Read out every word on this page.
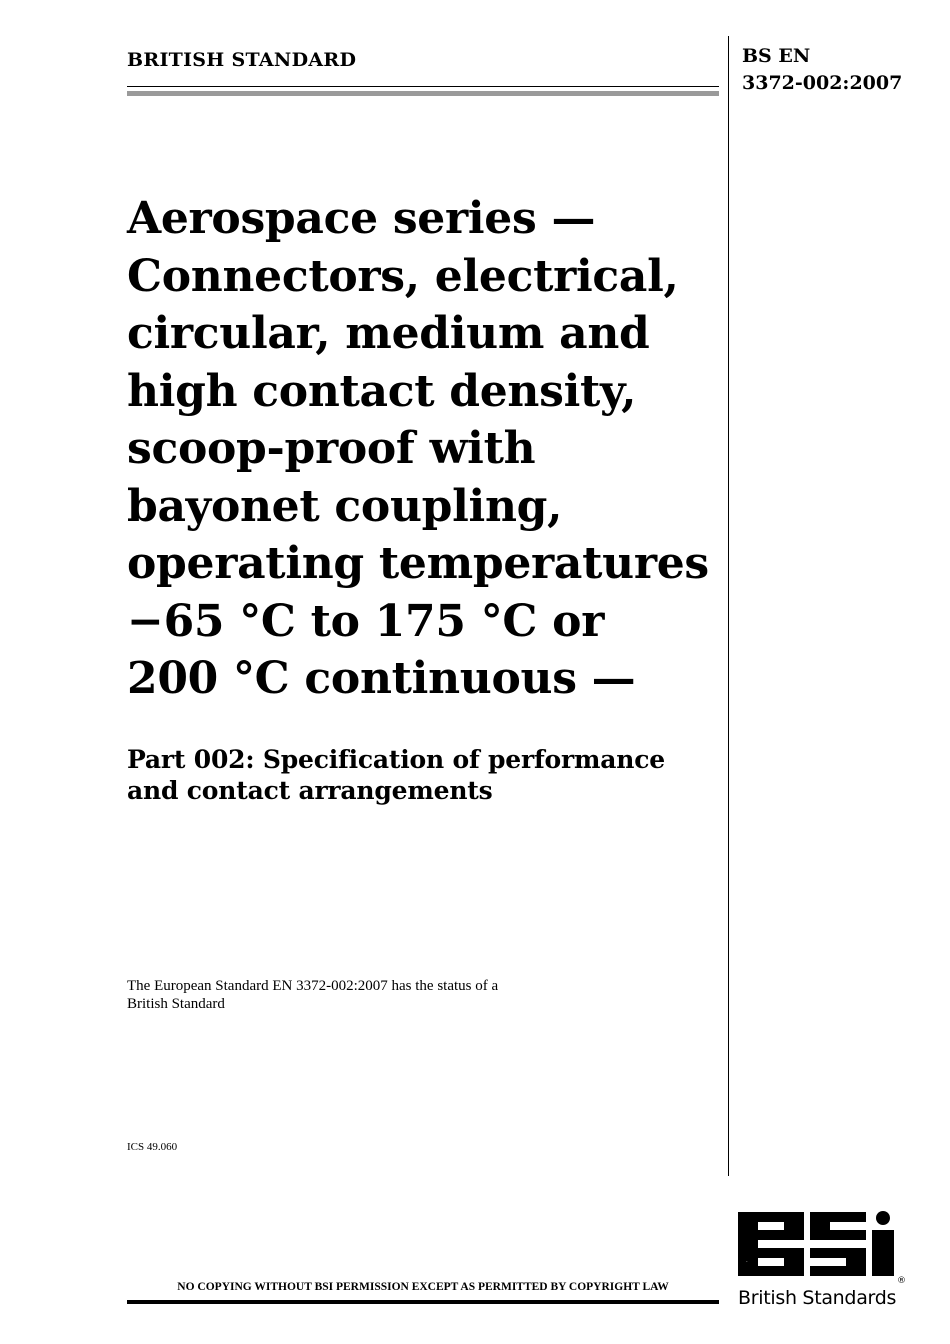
BRITISH STANDARD	BS EN
3372-002:2007
Aerospace series —
Connectors, electrical,
circular, medium and
high contact density,
scoop-proof with
bayonet coupling,
operating temperatures
−65 °C to 175 °C or
200 °C continuous —
Part 002: Specification of performance
and contact arrangements
The European Standard EN 3372-002:2007 has the status of a
British Standard
ICS 49.060
NO COPYING WITHOUT BSI PERMISSION EXCEPT AS PERMITTED BY COPYRIGHT LAW	®
BSi
British Standards
